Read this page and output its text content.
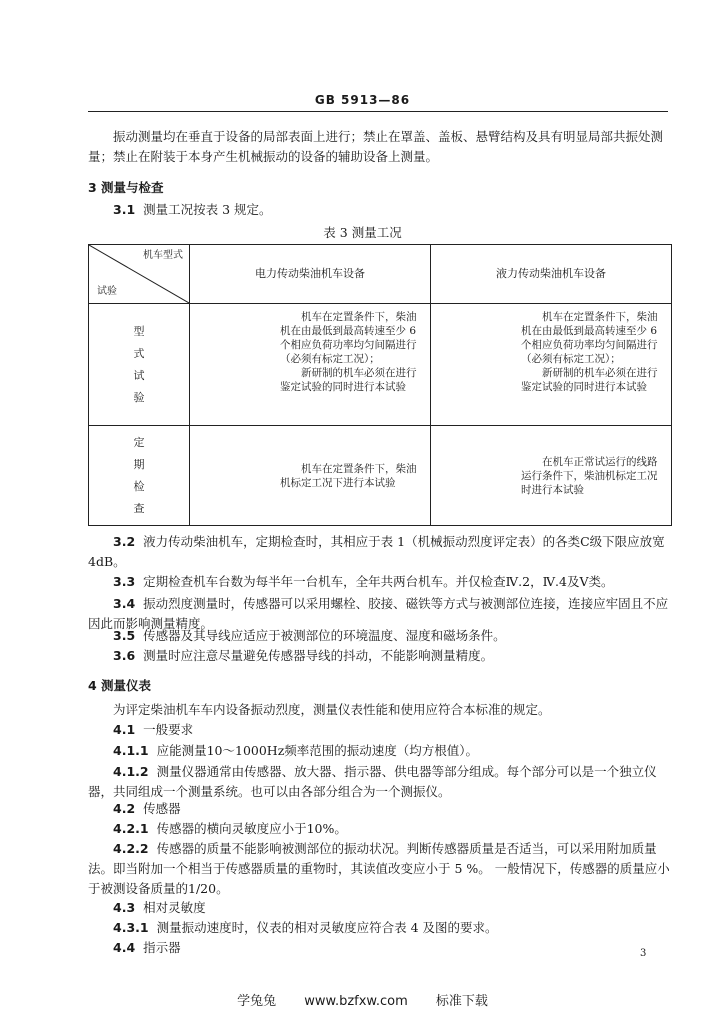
GB 5913—86

振动测量均在垂直于设备的局部表面上进行；禁止在罩盖、盖板、悬臂结构及具有明显局部共振处测量；禁止在附装于本身产生机械振动的设备的辅助设备上测量。

3 测量与检查

3.1 测量工况按表 3 规定。

表 3 测量工况
机车型式
试验	电力传动柴油机车设备	液力传动柴油机车设备

型式试验	机车在定置条件下，柴油机在由最低到最高转速至少 6 个相应负荷功率均匀间隔进行（必须有标定工况）；
新研制的机车必须在进行鉴定试验的同时进行本试验	机车在定置条件下，柴油机在由最低到最高转速至少 6 个相应负荷功率均匀间隔进行（必须有标定工况）；
新研制的机车必须在进行鉴定试验的同时进行本试验

定期检查	机车在定置条件下，柴油机标定工况下进行本试验	在机车正常试运行的线路运行条件下，柴油机标定工况时进行本试验

3.2 液力传动柴油机车，定期检查时，其相应于表 1（机械振动烈度评定表）的各类C级下限应放宽 4dB。

3.3 定期检查机车台数为每半年一台机车，全年共两台机车。并仅检查Ⅳ.2，Ⅳ.4及Ⅴ类。

3.4 振动烈度测量时，传感器可以采用螺栓、胶接、磁铁等方式与被测部位连接，连接应牢固且不应因此而影响测量精度。

3.5 传感器及其导线应适应于被测部位的环境温度、湿度和磁场条件。

3.6 测量时应注意尽量避免传感器导线的抖动，不能影响测量精度。

4 测量仪表

为评定柴油机车车内设备振动烈度，测量仪表性能和使用应符合本标准的规定。

4.1 一般要求

4.1.1 应能测量10～1000Hz频率范围的振动速度（均方根值）。

4.1.2 测量仪器通常由传感器、放大器、指示器、供电器等部分组成。每个部分可以是一个独立仪器，共同组成一个测量系统。也可以由各部分组合为一个测振仪。

4.2 传感器

4.2.1 传感器的横向灵敏度应小于10%。

4.2.2 传感器的质量不能影响被测部位的振动状况。判断传感器质量是否适当，可以采用附加质量法。即当附加一个相当于传感器质量的重物时，其读值改变应小于 5 %。 一般情况下，传感器的质量应小于被测设备质量的1/20。

4.3 相对灵敏度

4.3.1 测量振动速度时，仪表的相对灵敏度应符合表 4 及图的要求。

4.4 指示器	3
学兔兔 www.bzfxw.com 标准下载
